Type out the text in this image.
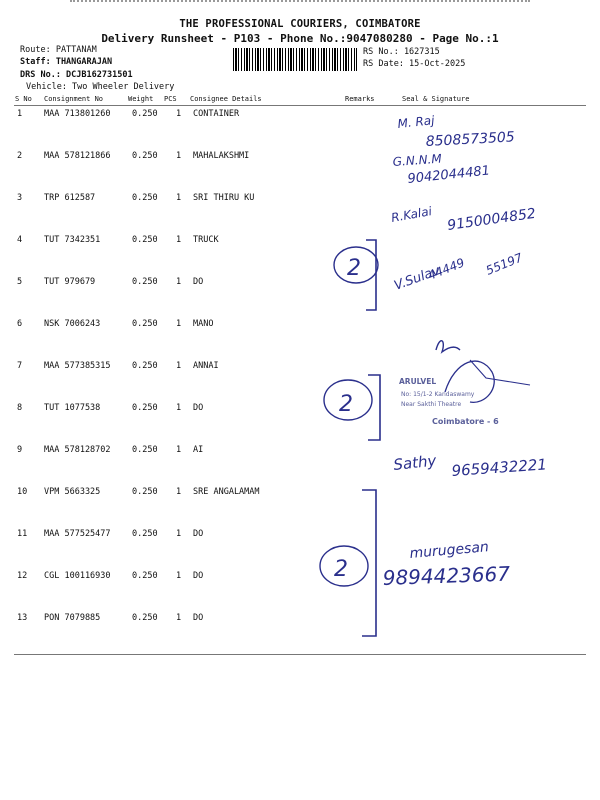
THE PROFESSIONAL COURIERS, COIMBATORE
Delivery Runsheet - P103 - Phone No.:9047080280 - Page No.:1
Route: PATTANAM
Staff: THANGARAJAN
DRS No.: DCJB162731501
Vehicle: Two Wheeler Delivery
RS No.: 1627315
RS Date: 15-Oct-2025
S No Consignment No	Weight PCS Consignee Details	Remarks	Seal & Signature
1	MAA 713801260	0.250 1 CONTAINER
2	MAA 578121866	0.250 1 MAHALAKSHMI
3	TRP 612587	0.250 1 SRI THIRU KU
4	TUT 7342351	0.250 1 TRUCK
5	TUT 979679	0.250 1 DO
6	NSK 7006243	0.250 1 MANO
7	MAA 577385315	0.250 1 ANNAI
8	TUT 1077538	0.250 1 DO
9	MAA 578128702	0.250 1 AI
10 VPM 5663325	0.250 1 SRE ANGALAMAM
11 MAA 577525477	0.250 1 DO
12 CGL 100116930	0.250 1 DO
13 PON 7079885	0.250 1 DO
M. Raj
8508573505
G.N.N.M
9042044481
R.Kalai 9150004852
V.Sulav
44449 55197
2
ARULVEL
No: 15/1-2 Kandaswamy
Near Sakthi Theatre
Coimbatore - 6
2
Sathy 9659432221
2
murugesan
9894423667
